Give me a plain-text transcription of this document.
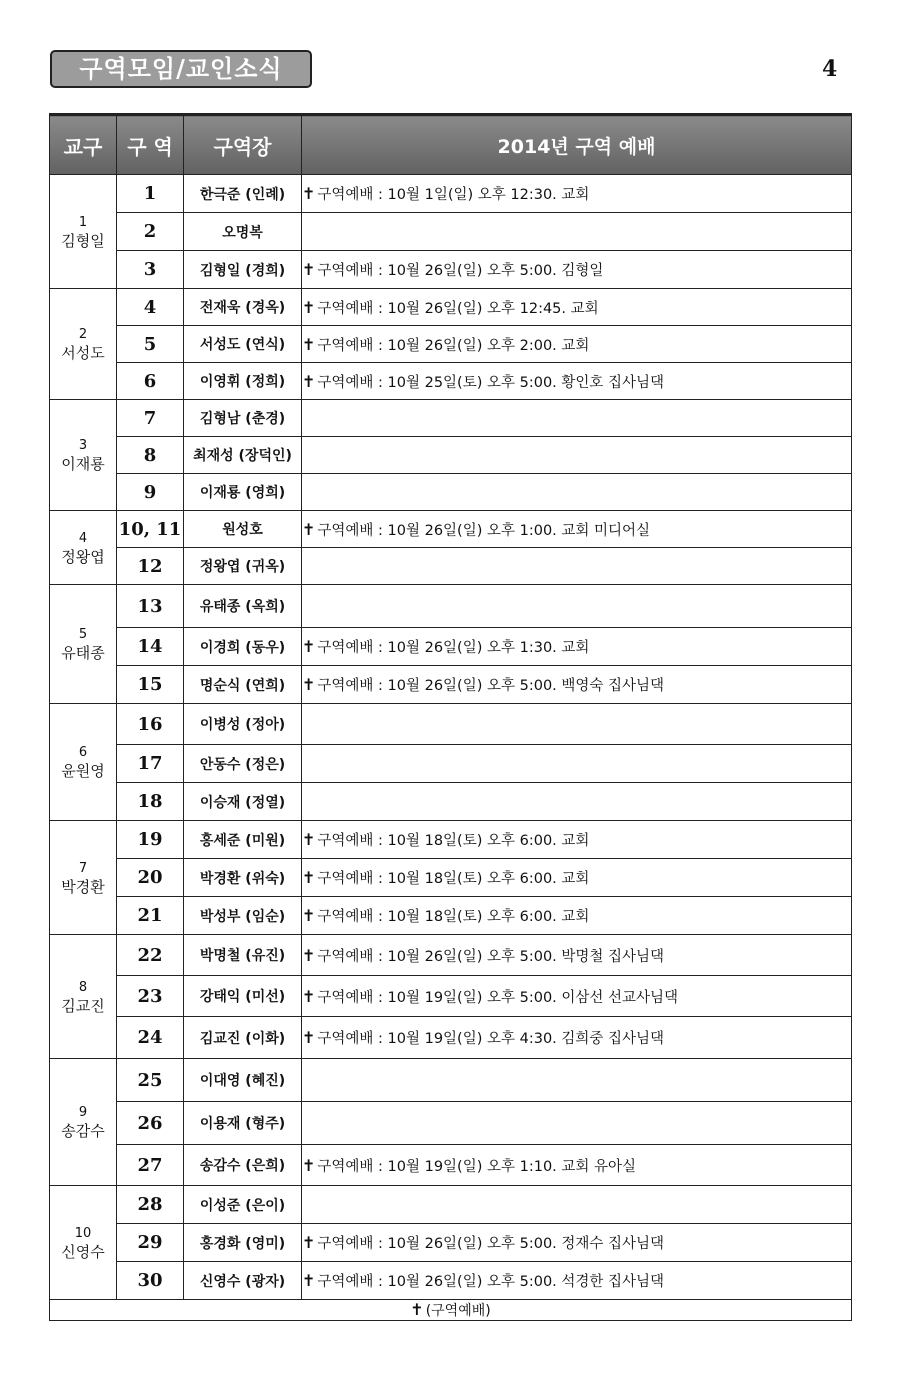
구역모임/교인소식	4
교구	구 역	구역장	2014년 구역 예배

1
김형일	1	한극준 (인례)	✝ 구역예배 : 10월 1일(일) 오후 12:30. 교회
	2	오명복	
	3	김형일 (경희)	✝ 구역예배 : 10월 26일(일) 오후 5:00. 김형일

2
서성도	4	전재욱 (경옥)	✝ 구역예배 : 10월 26일(일) 오후 12:45. 교회
	5	서성도 (연식)	✝ 구역예배 : 10월 26일(일) 오후 2:00. 교회
	6	이영휘 (정희)	✝ 구역예배 : 10월 25일(토) 오후 5:00. 황인호 집사님댁

3
이재룡	7	김형남 (춘경)	
	8	최재성 (장덕인)	
	9	이재룡 (영희)	

4
정왕엽	10, 11	원성호	✝ 구역예배 : 10월 26일(일) 오후 1:00. 교회 미디어실
	12	정왕엽 (귀옥)	

5
유태종	13	유태종 (옥희)	
	14	이경희 (동우)	✝ 구역예배 : 10월 26일(일) 오후 1:30. 교회
	15	명순식 (연희)	✝ 구역예배 : 10월 26일(일) 오후 5:00. 백영숙 집사님댁

6
윤원영	16	이병성 (정아)	
	17	안동수 (정은)	
	18	이승재 (정열)	

7
박경환	19	홍세준 (미원)	✝ 구역예배 : 10월 18일(토) 오후 6:00. 교회
	20	박경환 (위숙)	✝ 구역예배 : 10월 18일(토) 오후 6:00. 교회
	21	박성부 (임순)	✝ 구역예배 : 10월 18일(토) 오후 6:00. 교회

8
김교진	22	박명철 (유진)	✝ 구역예배 : 10월 26일(일) 오후 5:00. 박명철 집사님댁
	23	강태익 (미선)	✝ 구역예배 : 10월 19일(일) 오후 5:00. 이삼선 선교사님댁
	24	김교진 (이화)	✝ 구역예배 : 10월 19일(일) 오후 4:30. 김희중 집사님댁

9
송감수	25	이대영 (혜진)	
	26	이용재 (형주)	
	27	송감수 (은희)	✝ 구역예배 : 10월 19일(일) 오후 1:10. 교회 유아실

10
신영수	28	이성준 (은이)	
	29	홍경화 (영미)	✝ 구역예배 : 10월 26일(일) 오후 5:00. 정재수 집사님댁
	30	신영수 (광자)	✝ 구역예배 : 10월 26일(일) 오후 5:00. 석경한 집사님댁
✝ (구역예배)			
